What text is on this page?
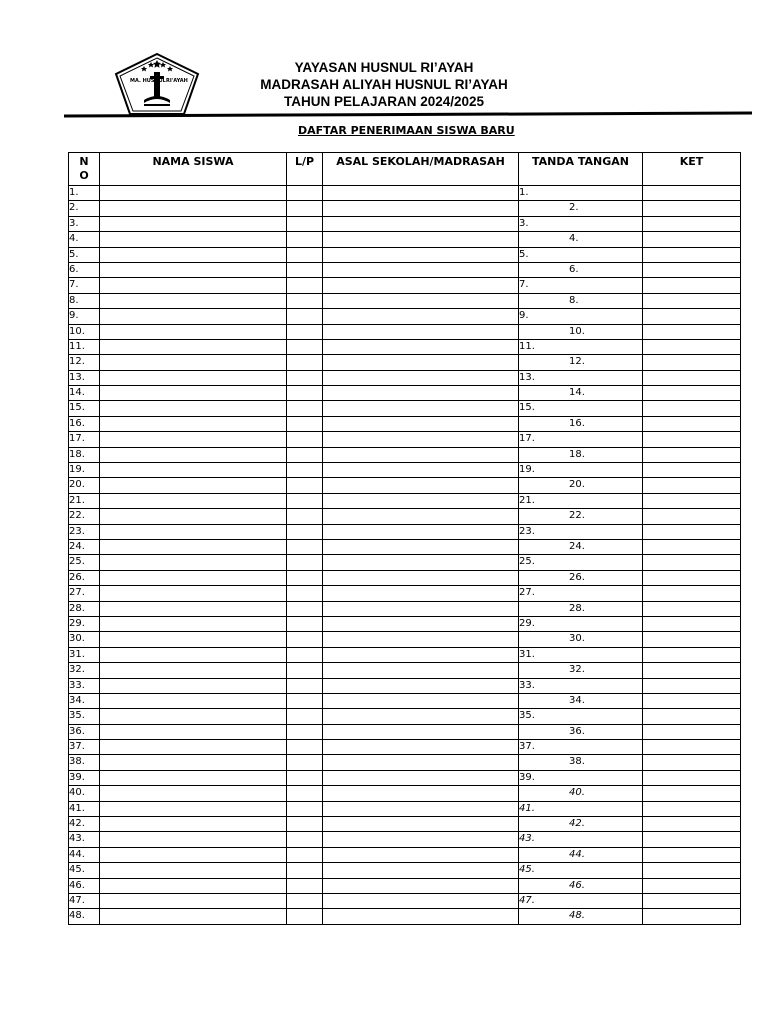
MA. HUSNUL RI'AYAH
YAYASAN HUSNUL RI’AYAH
MADRASAH ALIYAH HUSNUL RI’AYAH
TAHUN PELAJARAN 2024/2025
DAFTAR PENERIMAAN SISWA BARU
N O	NAMA SISWA	L/P	ASAL SEKOLAH/MADRASAH	TANDA TANGAN	KET
1.				1.	
2.				2.	
3.				3.	
4.				4.	
5.				5.	
6.				6.	
7.				7.	
8.				8.	
9.				9.	
10.				10.	
11.				11.	
12.				12.	
13.				13.	
14.				14.	
15.				15.	
16.				16.	
17.				17.	
18.				18.	
19.				19.	
20.				20.	
21.				21.	
22.				22.	
23.				23.	
24.				24.	
25.				25.	
26.				26.	
27.				27.	
28.				28.	
29.				29.	
30.				30.	
31.				31.	
32.				32.	
33.				33.	
34.				34.	
35.				35.	
36.				36.	
37.				37.	
38.				38.	
39.				39.	
40.				40.	
41.				41.	
42.				42.	
43.				43.	
44.				44.	
45.				45.	
46.				46.	
47.				47.	
48.				48.	
